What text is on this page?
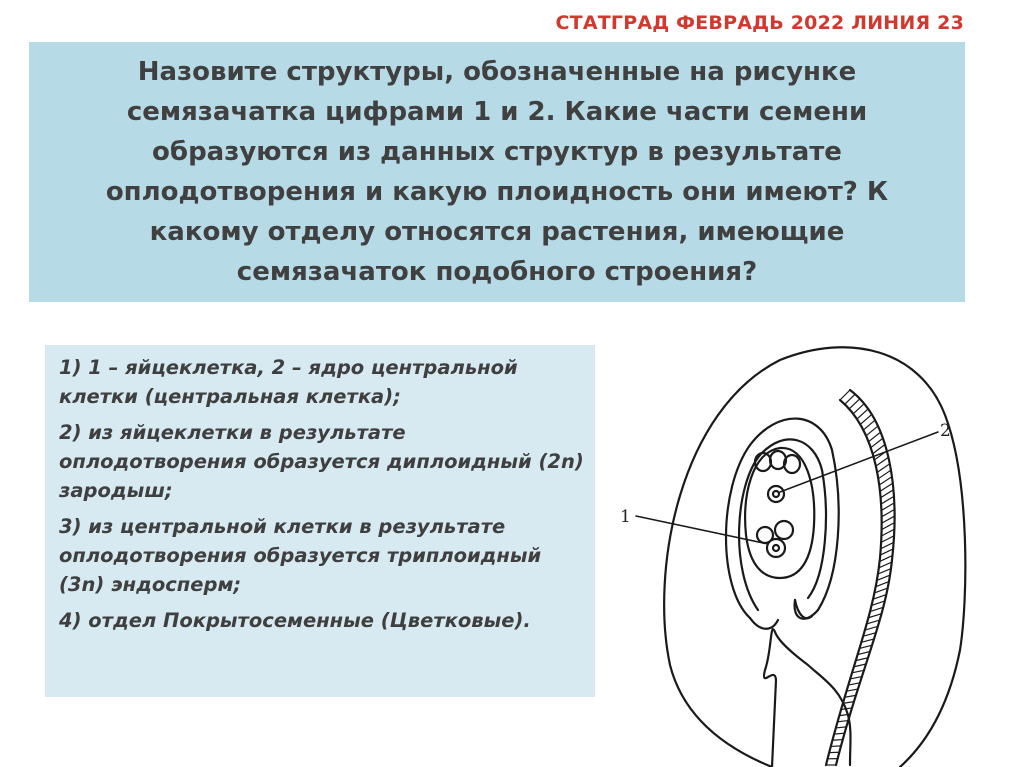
СТАТГРАД ФЕВРАДЬ 2022 ЛИНИЯ 23

Назовите структуры, обозначенные на рисунке семязачатка цифрами 1 и 2. Какие части семени образуются из данных структур в результате оплодотворения и какую плоидность они имеют? К какому отделу относятся растения, имеющие семязачаток подобного строения?

1) 1 – яйцеклетка, 2 – ядро центральной клетки (центральная клетка);

2) из яйцеклетки в результате оплодотворения образуется диплоидный (2n) зародыш;

3) из центральной клетки в результате оплодотворения образуется триплоидный (3n) эндосперм;

4) отдел Покрытосеменные (Цветковые).

2
1
